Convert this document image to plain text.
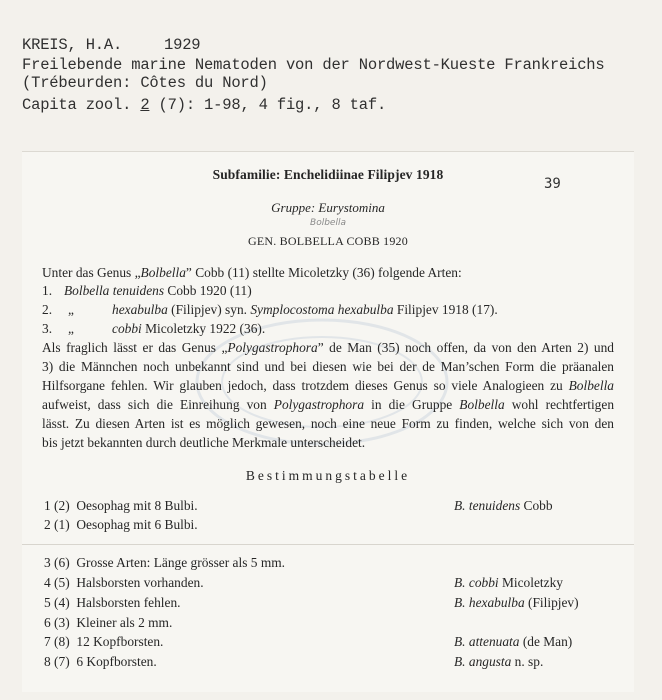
KREIS, H.A.	1929
Freilebende marine Nematoden von der Nordwest-Kueste Frankreichs
(Trébeurden: Côtes du Nord)
Capita zool. 2 (7): 1-98, 4 fig., 8 taf.
Subfamilie: Enchelidiinae Filipjev 1918
39
Gruppe: Eurystomina
Bolbella
GEN. BOLBELLA COBB 1920
Unter das Genus „Bolbella” Cobb (11) stellte Micoletzky (36) folgende Arten:
1. Bolbella tenuidens Cobb 1920 (11)
2. „	hexabulba (Filipjev) syn. Symplocostoma hexabulba Filipjev 1918 (17).
3. „	cobbi Micoletzky 1922 (36).
Als fraglich lässt er das Genus „Polygastrophora” de Man (35) noch offen, da von den Arten 2) und
3) die Männchen noch unbekannt sind und bei diesen wie bei der de Man’schen Form die präanalen
Hilfsorgane fehlen. Wir glauben jedoch, dass trotzdem dieses Genus so viele Analogieen zu Bolbella
aufweist, dass sich die Einreihung von Polygastrophora in die Gruppe Bolbella wohl rechtfertigen
lässt. Zu diesen Arten ist es möglich gewesen, noch eine neue Form zu finden, welche sich von den
bis jetzt bekannten durch deutliche Merkmale unterscheidet.
Bestimmungstabelle
1 (2) Oesophag mit 8 Bulbi.	B. tenuidens Cobb
2 (1) Oesophag mit 6 Bulbi.
3 (6) Grosse Arten: Länge grösser als 5 mm.
4 (5) Halsborsten vorhanden.	B. cobbi Micoletzky
5 (4) Halsborsten fehlen.	B. hexabulba (Filipjev)
6 (3) Kleiner als 2 mm.
7 (8) 12 Kopfborsten.	B. attenuata (de Man)
8 (7) 6 Kopfborsten.	B. angusta n. sp.
